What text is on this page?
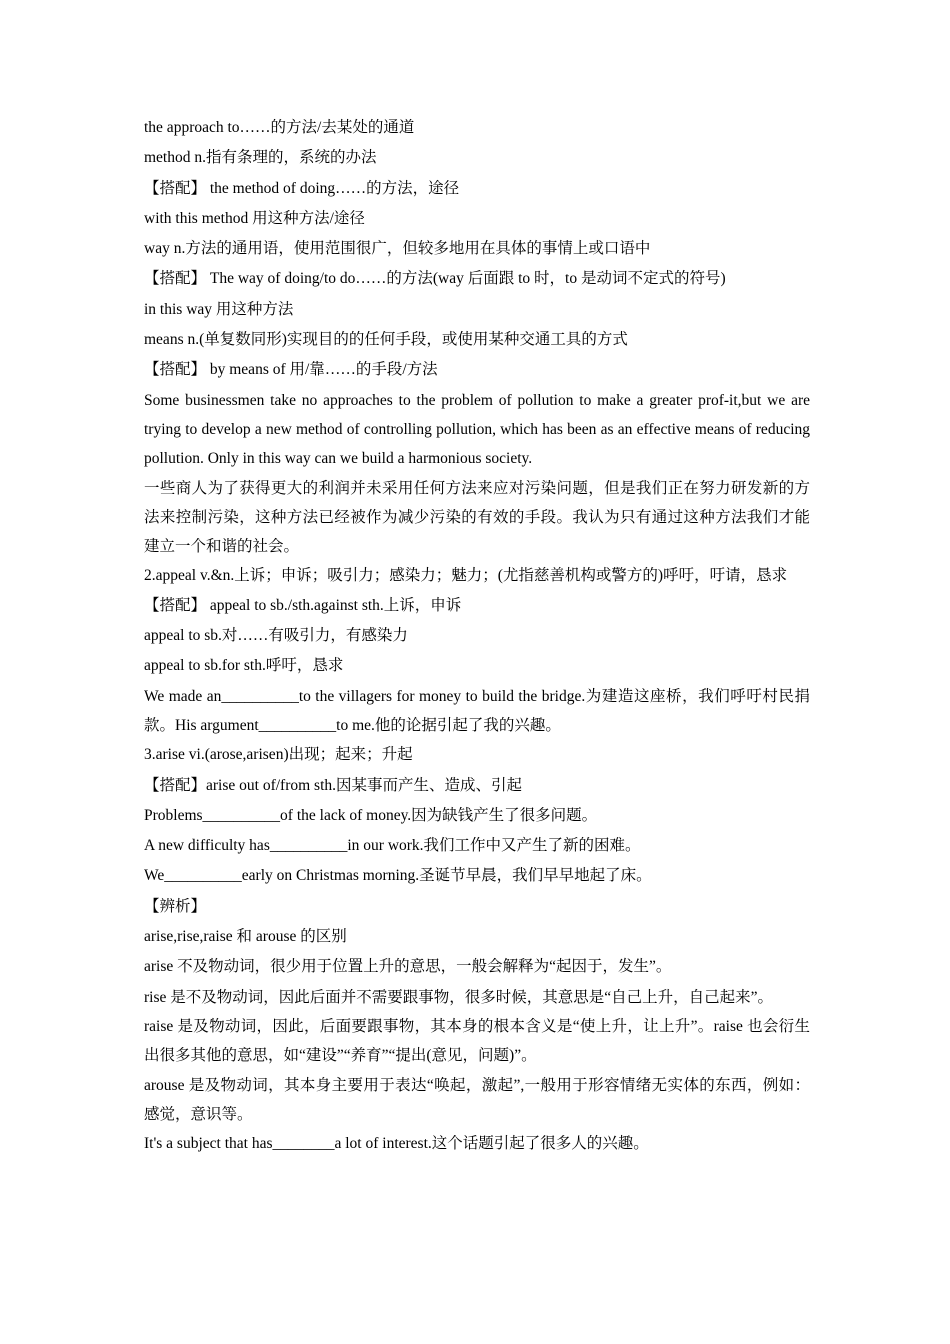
the approach to……的方法/去某处的通道

method n.指有条理的，系统的办法

【搭配】 the method of doing……的方法，途径

with this method 用这种方法/途径

way n.方法的通用语，使用范围很广，但较多地用在具体的事情上或口语中

【搭配】 The way of doing/to do……的方法(way 后面跟 to 时，to 是动词不定式的符号)

in this way 用这种方法

means n.(单复数同形)实现目的的任何手段，或使用某种交通工具的方式

【搭配】 by means of 用/靠……的手段/方法

Some businessmen take no approaches to the problem of pollution to make a greater prof-it,but we are trying to develop a new method of controlling pollution, which has been as an effective means of reducing pollution. Only in this way can we build a harmonious society.

一些商人为了获得更大的利润并未采用任何方法来应对污染问题，但是我们正在努力研发新的方法来控制污染，这种方法已经被作为减少污染的有效的手段。我认为只有通过这种方法我们才能建立一个和谐的社会。

2.appeal v.&n.上诉；申诉；吸引力；感染力；魅力；(尤指慈善机构或警方的)呼吁，吁请，恳求

【搭配】 appeal to sb./sth.against sth.上诉，申诉

appeal to sb.对……有吸引力，有感染力

appeal to sb.for sth.呼吁，恳求

We made an__________to the villagers for money to build the bridge.为建造这座桥，我们呼吁村民捐款。His argument__________to me.他的论据引起了我的兴趣。

3.arise vi.(arose,arisen)出现；起来；升起

【搭配】arise out of/from sth.因某事而产生、造成、引起

Problems__________of the lack of money.因为缺钱产生了很多问题。

A new difficulty has__________in our work.我们工作中又产生了新的困难。

We__________early on Christmas morning.圣诞节早晨，我们早早地起了床。

【辨析】

arise,rise,raise 和 arouse 的区别

arise 不及物动词，很少用于位置上升的意思，一般会解释为“起因于，发生”。

rise 是不及物动词，因此后面并不需要跟事物，很多时候，其意思是“自己上升，自己起来”。

raise 是及物动词，因此，后面要跟事物，其本身的根本含义是“使上升，让上升”。raise 也会衍生出很多其他的意思，如“建设”“养育”“提出(意见，问题)”。

arouse 是及物动词，其本身主要用于表达“唤起，激起”,一般用于形容情绪无实体的东西，例如：感觉，意识等。

It's a subject that has________a lot of interest.这个话题引起了很多人的兴趣。
